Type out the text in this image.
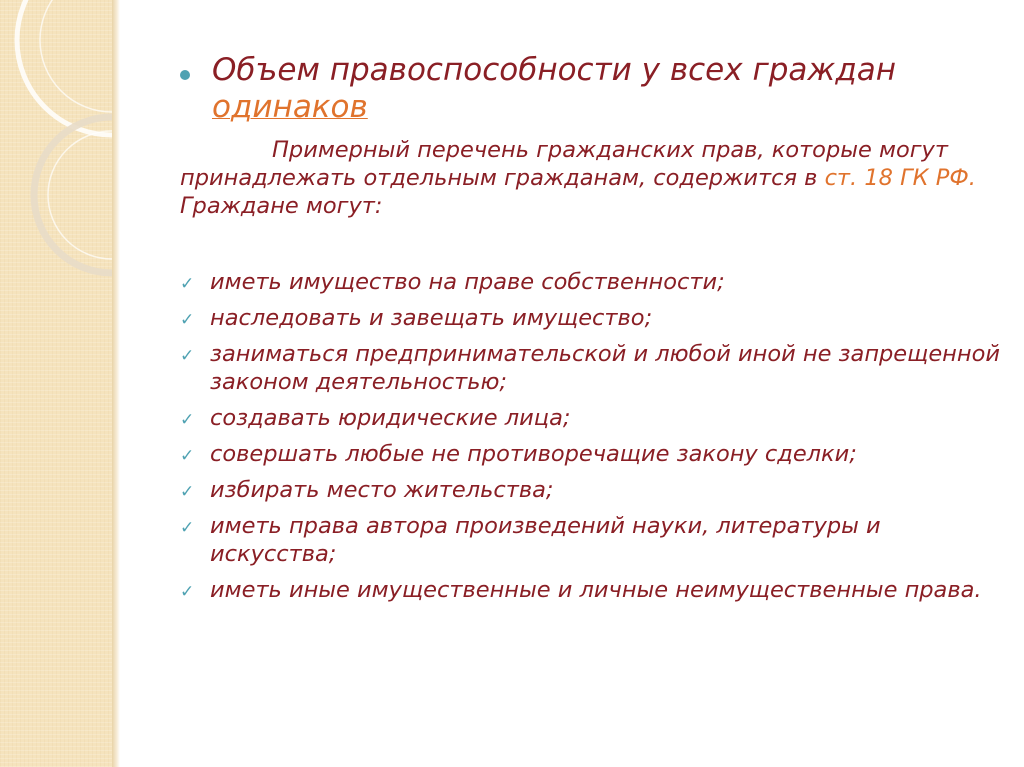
Объем правоспособности у всех граждан
одинаков
Примерный перечень гражданских прав, которые могут принадлежать отдельным гражданам, содержится в ст. 18 ГК РФ. Граждане могут:
✓ иметь имущество на праве собственности;
✓ наследовать и завещать имущество;
✓ заниматься предпринимательской и любой иной не запрещенной законом деятельностью;
✓ создавать юридические лица;
✓ совершать любые не противоречащие закону сделки;
✓ избирать место жительства;
✓ иметь права автора произведений науки, литературы и искусства;
✓ иметь иные имущественные и личные неимущественные права.
